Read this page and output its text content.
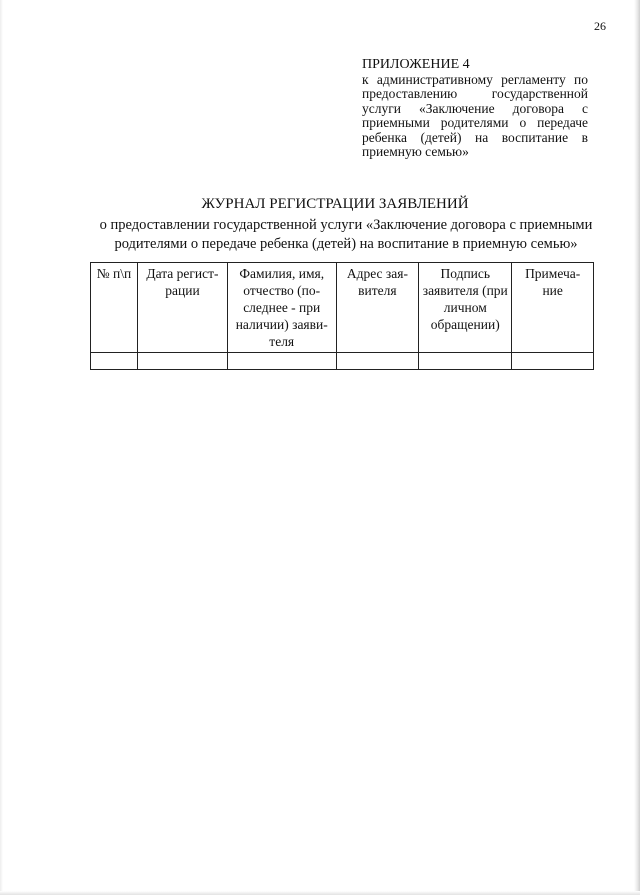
26
ПРИЛОЖЕНИЕ 4
к административному регламенту по предоставлению государственной услуги «Заключение договора с приемными родителями о передаче ребенка (детей) на воспитание в приемную семью»
ЖУРНАЛ РЕГИСТРАЦИИ ЗАЯВЛЕНИЙ
о предоставлении государственной услуги «Заключение договора с приемными родителями о передаче ребенка (детей) на воспитание в приемную семью»
№ п\п	Дата регист-рации	Фамилия, имя, отчество (по-следнее - при наличии) заяви-теля	Адрес зая-вителя	Подпись заявителя (при личном обращении)	Примеча-ние
